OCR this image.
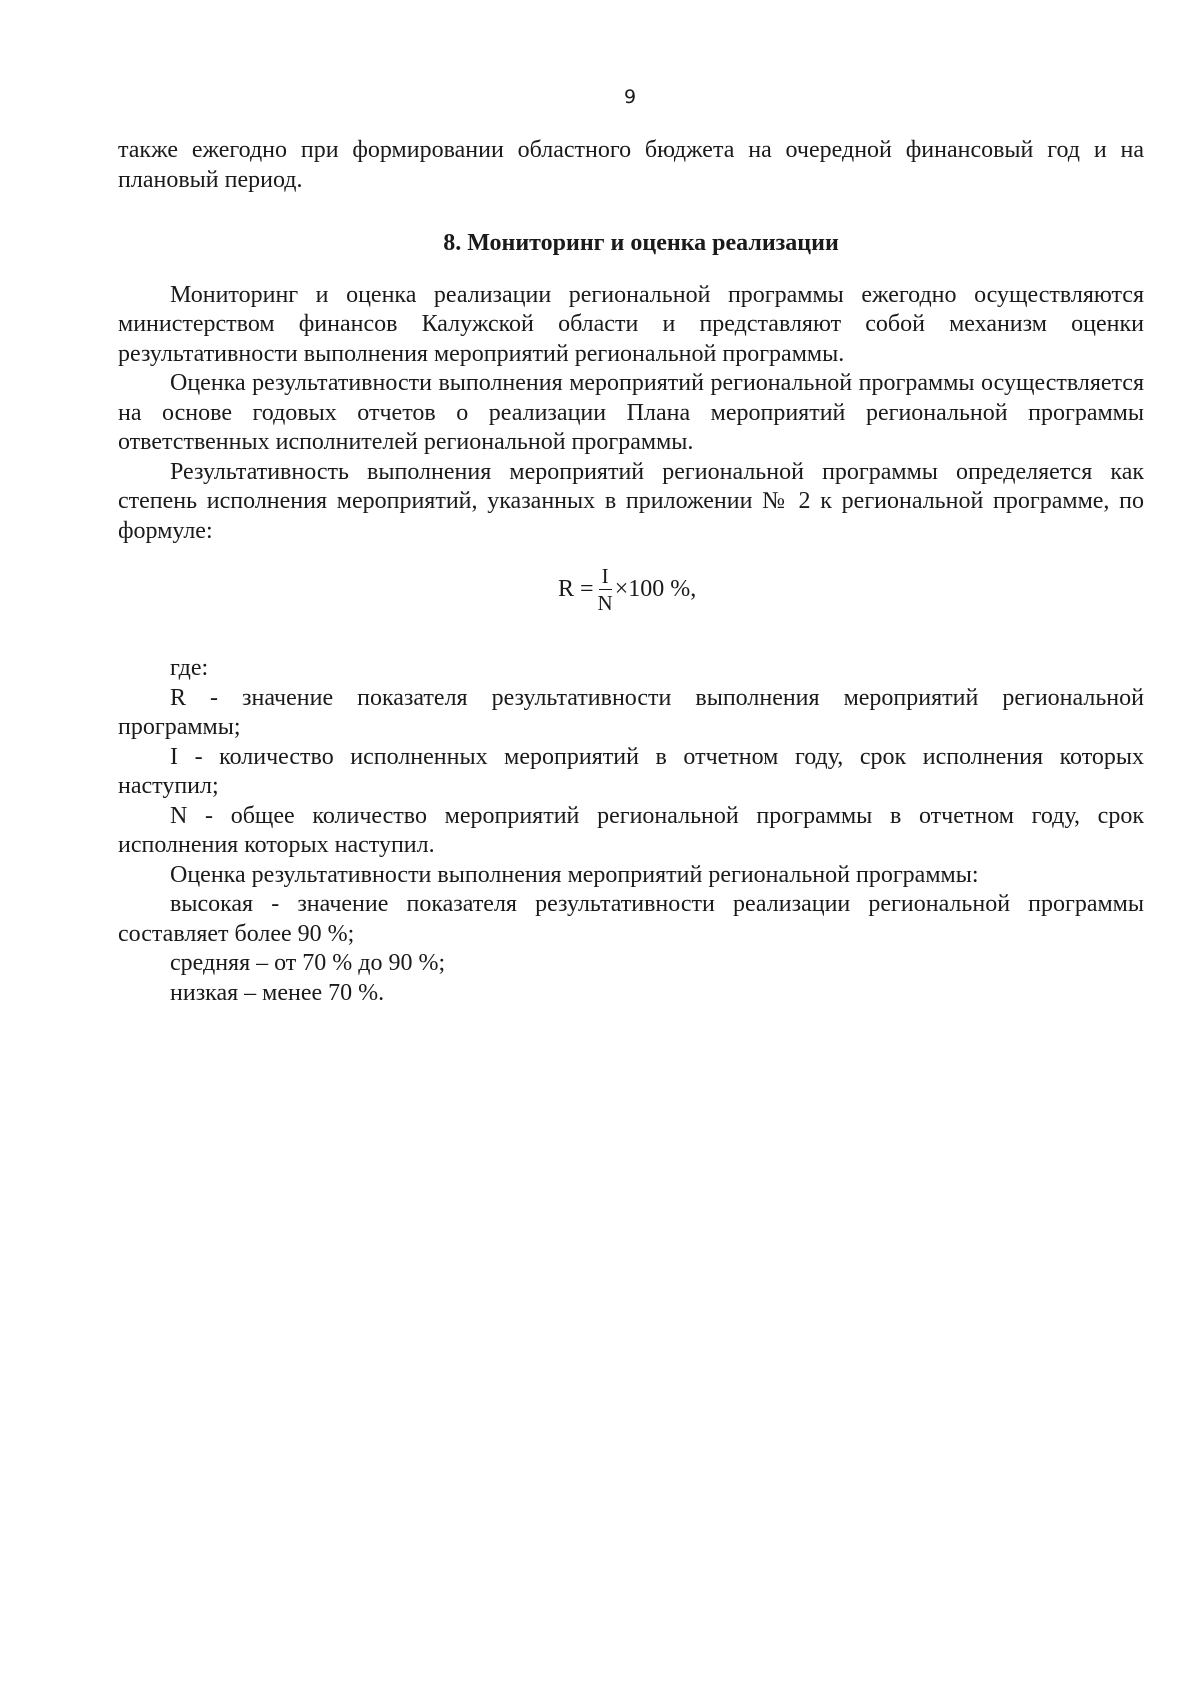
9

также ежегодно при формировании областного бюджета на очередной финансовый год и на плановый период.

8. Мониторинг и оценка реализации

Мониторинг и оценка реализации региональной программы ежегодно осуществляются министерством финансов Калужской области и представляют собой механизм оценки результативности выполнения мероприятий региональной программы.

Оценка результативности выполнения мероприятий региональной программы осуществляется на основе годовых отчетов о реализации Плана мероприятий региональной программы ответственных исполнителей региональной программы.

Результативность выполнения мероприятий региональной программы определяется как степень исполнения мероприятий, указанных в приложении № 2 к региональной программе, по формуле:

$R = \frac{I}{N} \times 100$ %,

где:

R - значение показателя результативности выполнения мероприятий региональной программы;

I - количество исполненных мероприятий в отчетном году, срок исполнения которых наступил;

N - общее количество мероприятий региональной программы в отчетном году, срок исполнения которых наступил.

Оценка результативности выполнения мероприятий региональной программы:

высокая - значение показателя результативности реализации региональной программы составляет более 90 %;

средняя – от 70 % до 90 %;

низкая – менее 70 %.
